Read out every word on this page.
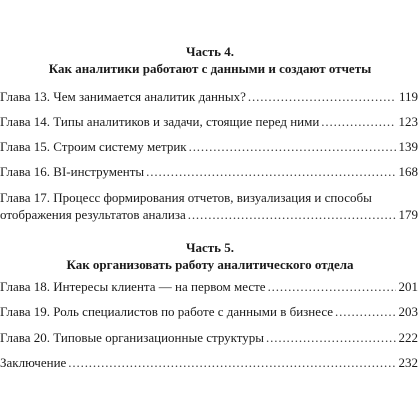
Часть 4.
Как аналитики работают с данными и создают отчеты
Глава 13. Чем занимается аналитик данных? . . .	119
Глава 14. Типы аналитиков и задачи, стоящие перед ними . . .	123
Глава 15. Строим систему метрик . . .	139
Глава 16. BI-инструменты . . .	168
Глава 17. Процесс формирования отчетов, визуализация и способы
отображения результатов анализа . . .	179
Часть 5.
Как организовать работу аналитического отдела
Глава 18. Интересы клиента — на первом месте . . .	201
Глава 19. Роль специалистов по работе с данными в бизнесе . . .	203
Глава 20. Типовые организационные структуры . . .	222
Заключение . . .	232
